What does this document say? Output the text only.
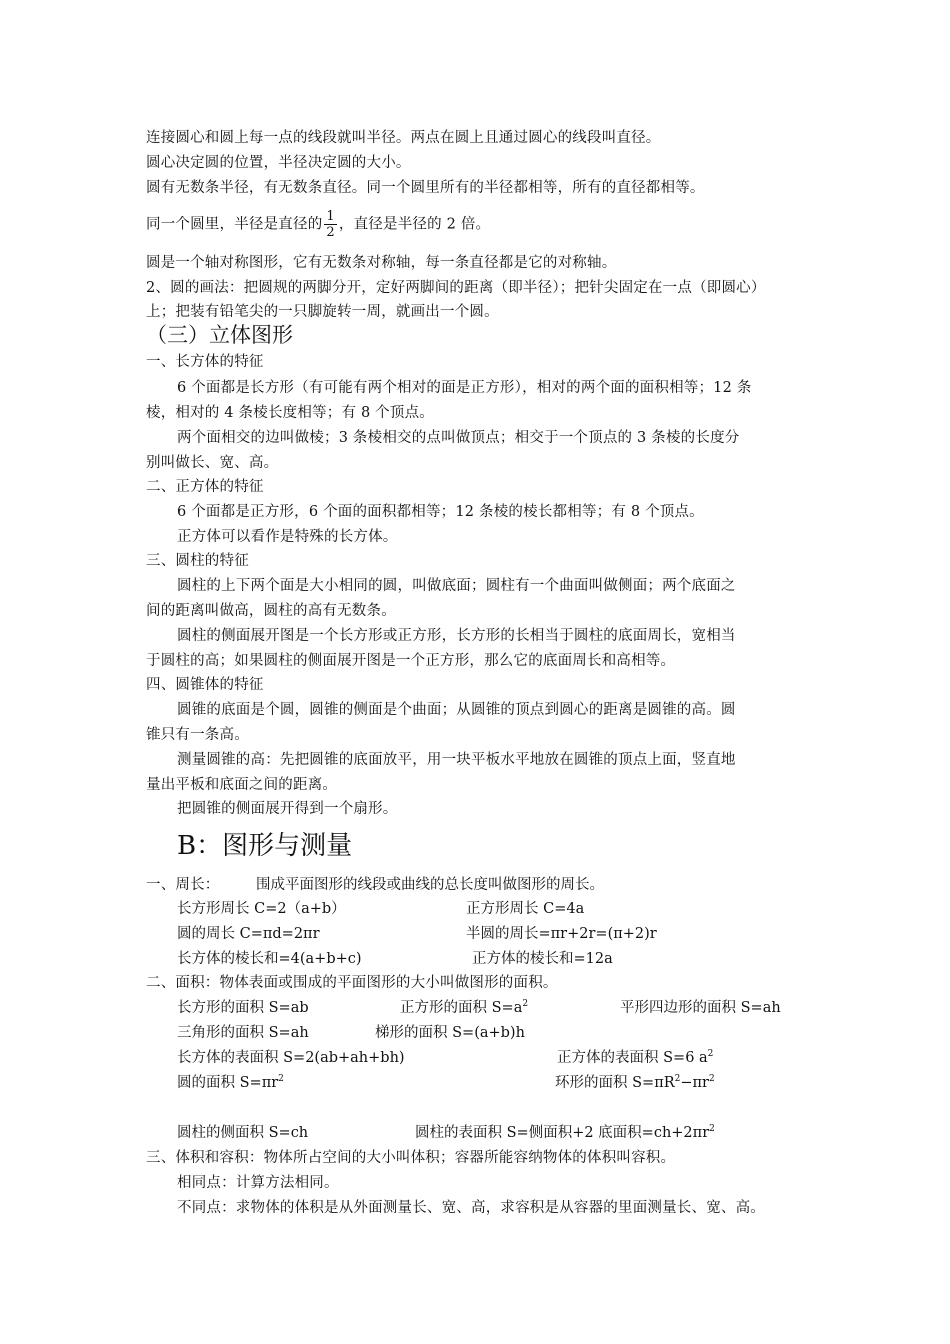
连接圆心和圆上每一点的线段就叫半径。两点在圆上且通过圆心的线段叫直径。
圆心决定圆的位置，半径决定圆的大小。
圆有无数条半径，有无数条直径。同一个圆里所有的半径都相等，所有的直径都相等。
同一个圆里，半径是直径的 $\frac{1}{2}$ ，直径是半径的 2 倍。
圆是一个轴对称图形，它有无数条对称轴，每一条直径都是它的对称轴。
2、圆的画法：把圆规的两脚分开，定好两脚间的距离（即半径）；把针尖固定在一点（即圆心）
上；把装有铅笔尖的一只脚旋转一周，就画出一个圆。
（三）立体图形
一、长方体的特征
6 个面都是长方形（有可能有两个相对的面是正方形），相对的两个面的面积相等；12 条
棱，相对的 4 条棱长度相等；有 8 个顶点。
两个面相交的边叫做棱；3 条棱相交的点叫做顶点；相交于一个顶点的 3 条棱的长度分
别叫做长、宽、高。
二、正方体的特征
6 个面都是正方形，6 个面的面积都相等；12 条棱的棱长都相等；有 8 个顶点。
正方体可以看作是特殊的长方体。
三、圆柱的特征
圆柱的上下两个面是大小相同的圆，叫做底面；圆柱有一个曲面叫做侧面；两个底面之
间的距离叫做高，圆柱的高有无数条。
圆柱的侧面展开图是一个长方形或正方形，长方形的长相当于圆柱的底面周长，宽相当
于圆柱的高；如果圆柱的侧面展开图是一个正方形，那么它的底面周长和高相等。
四、圆锥体的特征
圆锥的底面是个圆，圆锥的侧面是个曲面；从圆锥的顶点到圆心的距离是圆锥的高。圆
锥只有一条高。
测量圆锥的高：先把圆锥的底面放平，用一块平板水平地放在圆锥的顶点上面，竖直地
量出平板和底面之间的距离。
把圆锥的侧面展开得到一个扇形。
B：图形与测量
一、周长：	围成平面图形的线段或曲线的总长度叫做图形的周长。
长方形周长 C=2（a+b）	正方形周长 C=4a
圆的周长 C=πd=2πr	半圆的周长=πr+2r=(π+2)r
长方体的棱长和=4(a+b+c)	正方体的棱长和=12a
二、面积：物体表面或围成的平面图形的大小叫做图形的面积。
长方形的面积 S=ab	正方形的面积 $S=a^2$	平形四边形的面积 S=ah
三角形的面积 S=ah	梯形的面积 S=(a+b)h
长方体的表面积 S=2(ab+ah+bh)	正方体的表面积 S=6 $a^2$
圆的面积 $S=\pi r^2$	环形的面积 $S=\pi R^2-\pi r^2$
圆柱的侧面积 S=ch	圆柱的表面积 S=侧面积+2 底面积$=ch+2\pi r^2$
三、体积和容积：物体所占空间的大小叫体积；容器所能容纳物体的体积叫容积。
相同点：计算方法相同。
不同点：求物体的体积是从外面测量长、宽、高，求容积是从容器的里面测量长、宽、高。
